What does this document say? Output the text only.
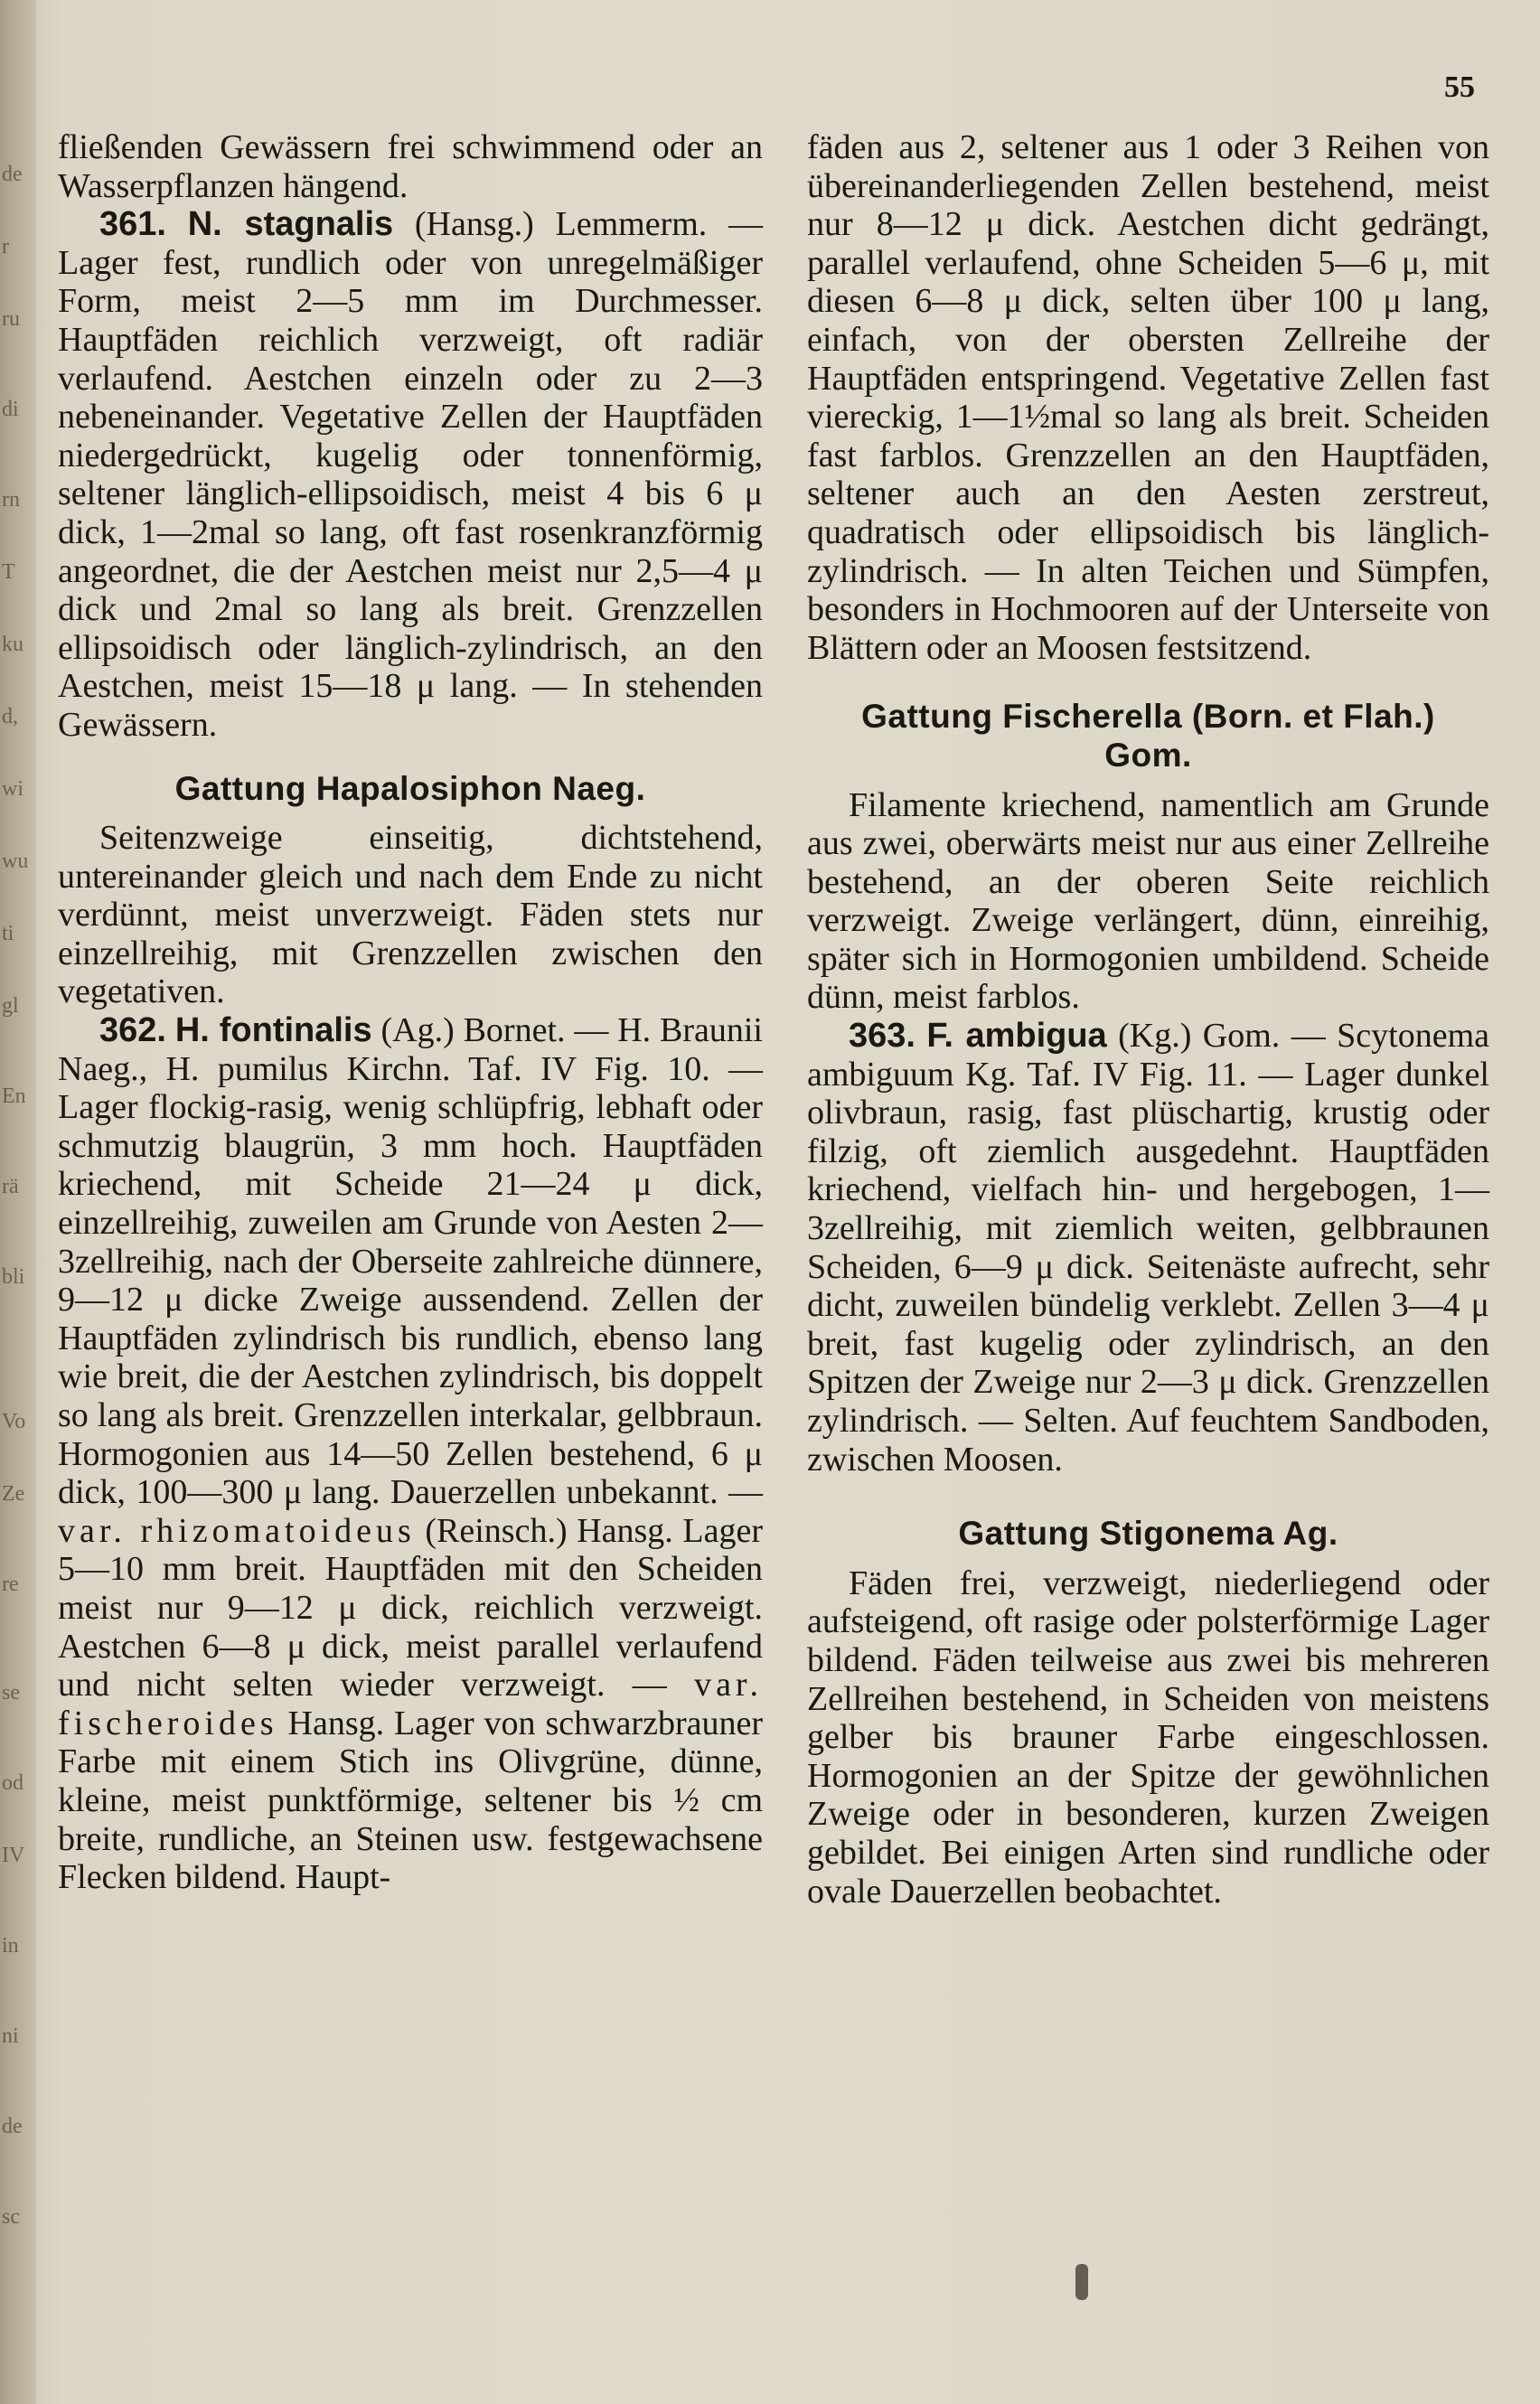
de
r
ru
di
rn
T
ku
d,
wi
wu
ti
gl
En
rä
bli
Vo
Ze
re
se
od
IV
in
ni
de
sc
55

fließenden Gewässern frei schwimmend oder an Wasserpflanzen hängend.

361. N. stagnalis (Hansg.) Lemmerm. — Lager fest, rundlich oder von unregelmäßiger Form, meist 2—5 mm im Durchmesser. Hauptfäden reichlich verzweigt, oft radiär verlaufend. Aestchen einzeln oder zu 2—3 nebeneinander. Vegetative Zellen der Hauptfäden niedergedrückt, kugelig oder tonnenförmig, seltener länglich-ellipsoidisch, meist 4 bis 6 μ dick, 1—2mal so lang, oft fast rosenkranzförmig angeordnet, die der Aestchen meist nur 2,5—4 μ dick und 2mal so lang als breit. Grenzzellen ellipsoidisch oder länglich-zylindrisch, an den Aestchen, meist 15—18 μ lang. — In stehenden Gewässern.

Gattung Hapalosiphon Naeg.

Seitenzweige einseitig, dichtstehend, untereinander gleich und nach dem Ende zu nicht verdünnt, meist unverzweigt. Fäden stets nur einzellreihig, mit Grenzzellen zwischen den vegetativen.

362. H. fontinalis (Ag.) Bornet. — H. Braunii Naeg., H. pumilus Kirchn. Taf. IV Fig. 10. — Lager flockig-rasig, wenig schlüpfrig, lebhaft oder schmutzig blaugrün, 3 mm hoch. Hauptfäden kriechend, mit Scheide 21—24 μ dick, einzellreihig, zuweilen am Grunde von Aesten 2—3zellreihig, nach der Oberseite zahlreiche dünnere, 9—12 μ dicke Zweige aussendend. Zellen der Hauptfäden zylindrisch bis rundlich, ebenso lang wie breit, die der Aestchen zylindrisch, bis doppelt so lang als breit. Grenzzellen interkalar, gelbbraun. Hormogonien aus 14—50 Zellen bestehend, 6 μ dick, 100—300 μ lang. Dauerzellen unbekannt. — var. rhizomatoideus (Reinsch.) Hansg. Lager 5—10 mm breit. Hauptfäden mit den Scheiden meist nur 9—12 μ dick, reichlich verzweigt. Aestchen 6—8 μ dick, meist parallel verlaufend und nicht selten wieder verzweigt. — var. fischeroides Hansg. Lager von schwarzbrauner Farbe mit einem Stich ins Olivgrüne, dünne, kleine, meist punktförmige, seltener bis ½ cm breite, rundliche, an Steinen usw. festgewachsene Flecken bildend. Haupt-

fäden aus 2, seltener aus 1 oder 3 Reihen von übereinanderliegenden Zellen bestehend, meist nur 8—12 μ dick. Aestchen dicht gedrängt, parallel verlaufend, ohne Scheiden 5—6 μ, mit diesen 6—8 μ dick, selten über 100 μ lang, einfach, von der obersten Zellreihe der Hauptfäden entspringend. Vegetative Zellen fast viereckig, 1—1½mal so lang als breit. Scheiden fast farblos. Grenzzellen an den Hauptfäden, seltener auch an den Aesten zerstreut, quadratisch oder ellipsoidisch bis länglich-zylindrisch. — In alten Teichen und Sümpfen, besonders in Hochmooren auf der Unterseite von Blättern oder an Moosen festsitzend.

Gattung Fischerella (Born. et Flah.)
Gom.

Filamente kriechend, namentlich am Grunde aus zwei, oberwärts meist nur aus einer Zellreihe bestehend, an der oberen Seite reichlich verzweigt. Zweige verlängert, dünn, einreihig, später sich in Hormogonien umbildend. Scheide dünn, meist farblos.

363. F. ambigua (Kg.) Gom. — Scytonema ambiguum Kg. Taf. IV Fig. 11. — Lager dunkel olivbraun, rasig, fast plüschartig, krustig oder filzig, oft ziemlich ausgedehnt. Hauptfäden kriechend, vielfach hin- und hergebogen, 1—3zellreihig, mit ziemlich weiten, gelbbraunen Scheiden, 6—9 μ dick. Seitenäste aufrecht, sehr dicht, zuweilen bündelig verklebt. Zellen 3—4 μ breit, fast kugelig oder zylindrisch, an den Spitzen der Zweige nur 2—3 μ dick. Grenzzellen zylindrisch. — Selten. Auf feuchtem Sandboden, zwischen Moosen.

Gattung Stigonema Ag.

Fäden frei, verzweigt, niederliegend oder aufsteigend, oft rasige oder polsterförmige Lager bildend. Fäden teilweise aus zwei bis mehreren Zellreihen bestehend, in Scheiden von meistens gelber bis brauner Farbe eingeschlossen. Hormogonien an der Spitze der gewöhnlichen Zweige oder in besonderen, kurzen Zweigen gebildet. Bei einigen Arten sind rundliche oder ovale Dauerzellen beobachtet.
